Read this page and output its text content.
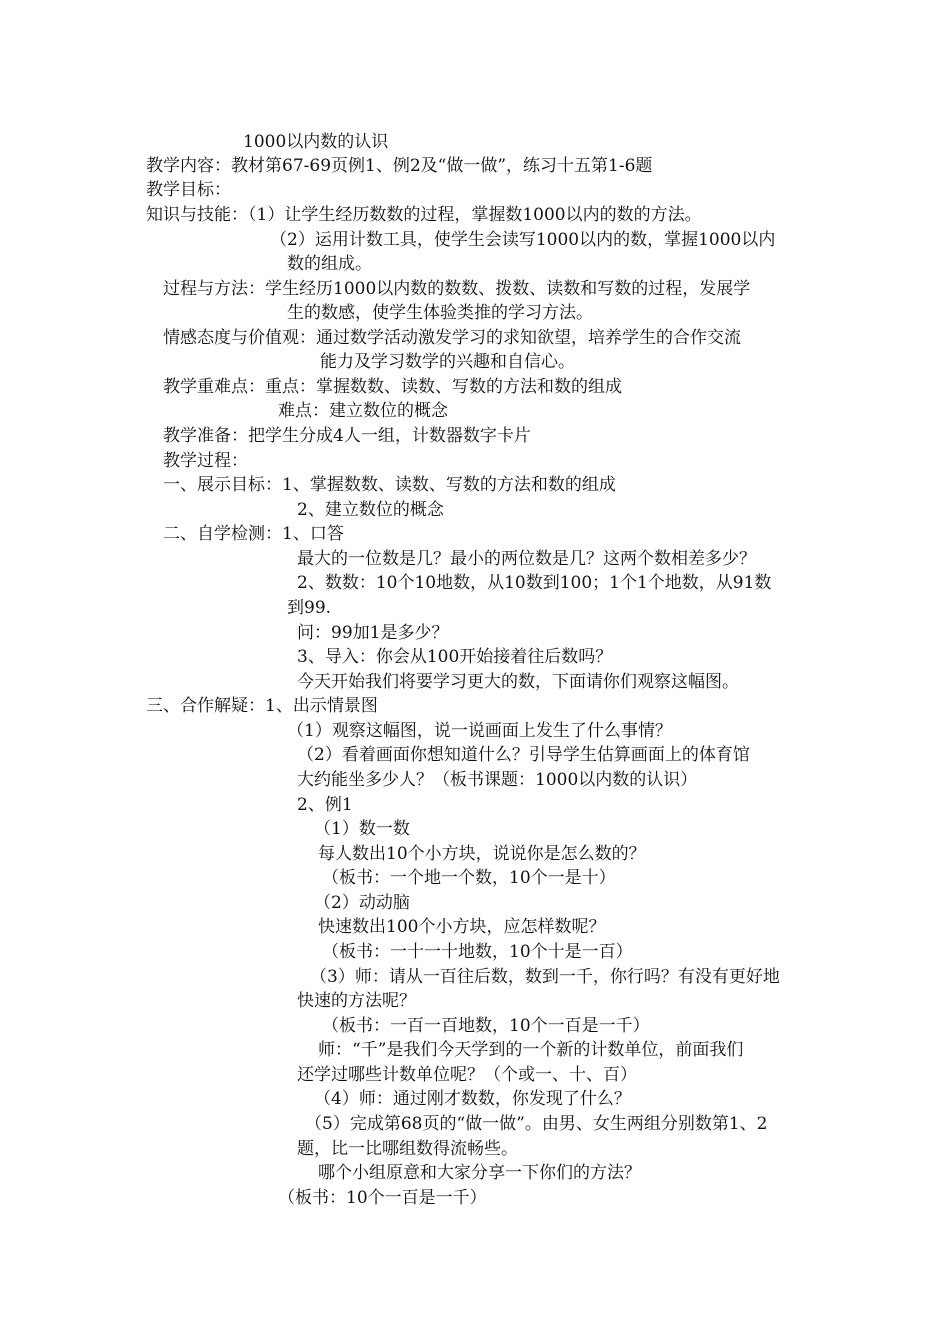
1000以内数的认识
教学内容：教材第67-69页例1、例2及“做一做”，练习十五第1-6题
教学目标：
知识与技能：（1）让学生经历数数的过程，掌握数1000以内的数的方法。
（2）运用计数工具，使学生会读写1000以内的数，掌握1000以内
数的组成。
过程与方法：学生经历1000以内数的数数、拨数、读数和写数的过程，发展学
生的数感，使学生体验类推的学习方法。
情感态度与价值观：通过数学活动激发学习的求知欲望，培养学生的合作交流
能力及学习数学的兴趣和自信心。
教学重难点：重点：掌握数数、读数、写数的方法和数的组成
难点：建立数位的概念
教学准备：把学生分成4人一组，计数器数字卡片
教学过程：
一、展示目标：1、掌握数数、读数、写数的方法和数的组成
2、建立数位的概念
二、自学检测：1、口答
最大的一位数是几？最小的两位数是几？这两个数相差多少？
2、数数：10个10地数，从10数到100；1个1个地数，从91数
到99.
问：99加1是多少？
3、导入：你会从100开始接着往后数吗？
今天开始我们将要学习更大的数，下面请你们观察这幅图。
三、合作解疑：1、出示情景图
（1）观察这幅图，说一说画面上发生了什么事情？
（2）看着画面你想知道什么？引导学生估算画面上的体育馆
大约能坐多少人？（板书课题：1000以内数的认识）
2、例1
（1）数一数
每人数出10个小方块，说说你是怎么数的？
（板书：一个地一个数，10个一是十）
（2）动动脑
快速数出100个小方块，应怎样数呢？
（板书：一十一十地数，10个十是一百）
（3）师：请从一百往后数，数到一千，你行吗？有没有更好地
快速的方法呢？
（板书：一百一百地数，10个一百是一千）
师：“千”是我们今天学到的一个新的计数单位，前面我们
还学过哪些计数单位呢？（个或一、十、百）
（4）师：通过刚才数数，你发现了什么？
（5）完成第68页的“做一做”。由男、女生两组分别数第1、2
题，比一比哪组数得流畅些。
哪个小组原意和大家分享一下你们的方法？
（板书：10个一百是一千）
